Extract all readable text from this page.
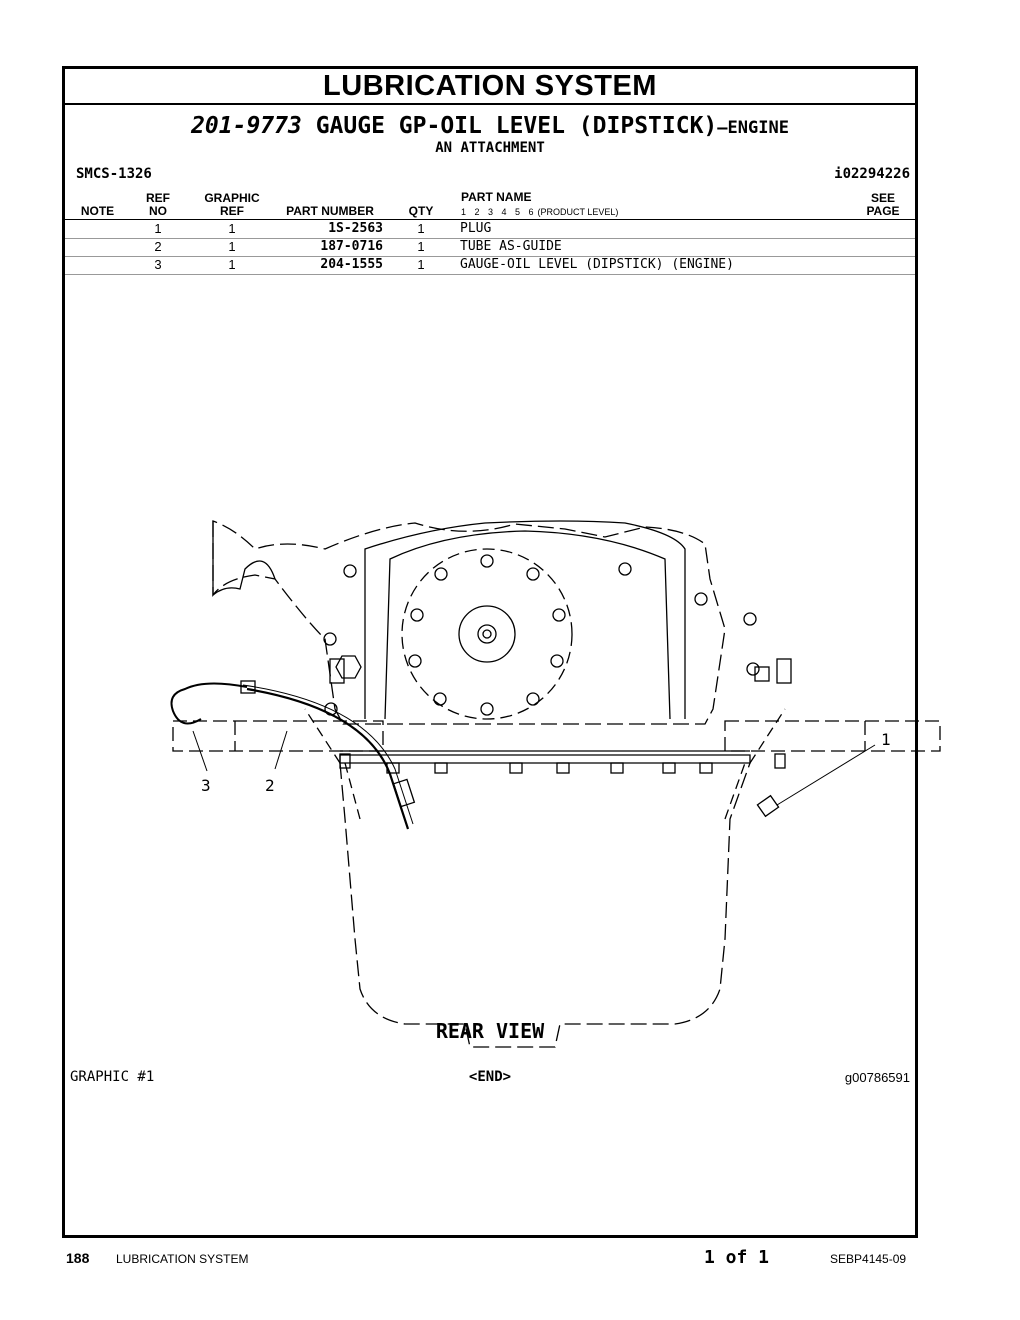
LUBRICATION SYSTEM
201-9773 GAUGE GP-OIL LEVEL (DIPSTICK)—ENGINE
AN ATTACHMENT
SMCS-1326	i02294226
NOTE
REF
NO
GRAPHIC
REF	PART NUMBER	QTY
PART NAME
1 2 3 4 5 6 (PRODUCT LEVEL)
SEE
PAGE
1	1	1S-2563	1	PLUG
2	1	187-0716	1	TUBE AS-GUIDE
3	1	204-1555	1	GAUGE-OIL LEVEL (DIPSTICK) (ENGINE)
3	2
1
REAR VIEW
GRAPHIC #1	<END>	g00786591
188 LUBRICATION SYSTEM	1 of 1	SEBP4145-09
